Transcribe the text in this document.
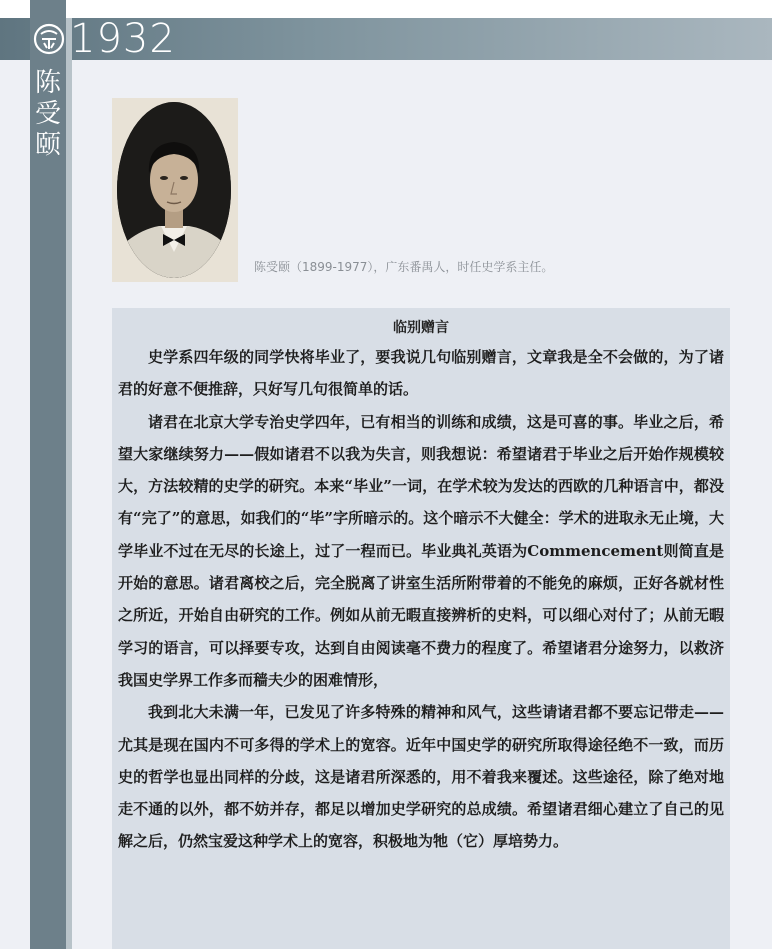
1932
陈受颐
陈受颐（1899-1977），广东番禺人，时任史学系主任。
临别赠言

史学系四年级的同学快将毕业了，要我说几句临别赠言，文章我是全不会做的，为了诸君的好意不便推辞，只好写几句很简单的话。

诸君在北京大学专治史学四年，已有相当的训练和成绩，这是可喜的事。毕业之后，希望大家继续努力——假如诸君不以我为失言，则我想说：希望诸君于毕业之后开始作规模较大，方法较精的史学的研究。本来“毕业”一词，在学术较为发达的西欧的几种语言中，都没有“完了”的意思，如我们的“毕”字所暗示的。这个暗示不大健全：学术的进取永无止境，大学毕业不过在无尽的长途上，过了一程而已。毕业典礼英语为Commencement则简直是开始的意思。诸君离校之后，完全脱离了讲室生活所附带着的不能免的麻烦，正好各就材性之所近，开始自由研究的工作。例如从前无暇直接辨析的史料，可以细心对付了；从前无暇学习的语言，可以择要专攻，达到自由阅读毫不费力的程度了。希望诸君分途努力，以救济我国史学界工作多而穑夫少的困难情形，

我到北大未满一年，已发见了许多特殊的精神和风气，这些请诸君都不要忘记带走——尤其是现在国内不可多得的学术上的宽容。近年中国史学的研究所取得途径绝不一致，而历史的哲学也显出同样的分歧，这是诸君所深悉的，用不着我来覆述。这些途径，除了绝对地走不通的以外，都不妨并存，都足以增加史学研究的总成绩。希望诸君细心建立了自己的见解之后，仍然宝爱这种学术上的宽容，积极地为牠（它）厚培势力。
